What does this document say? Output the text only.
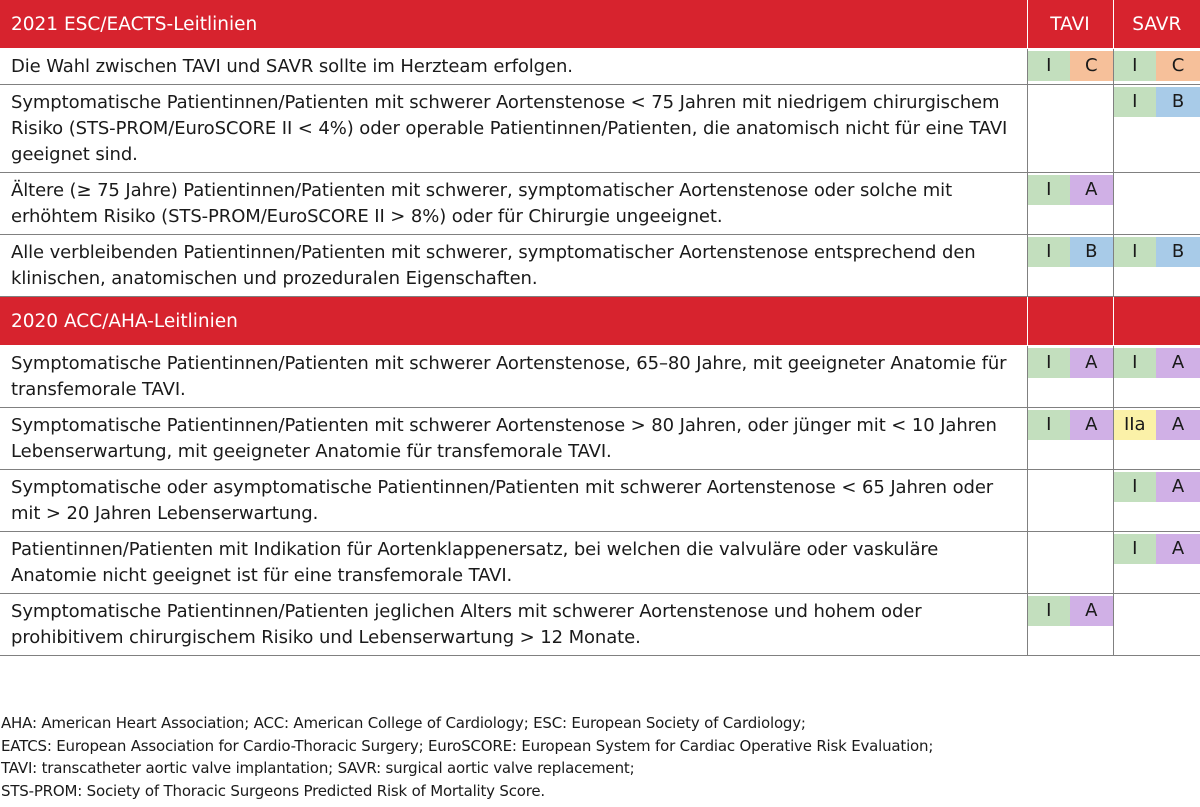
2021 ESC/EACTS-Leitlinien	TAVI		SAVR	
Die Wahl zwischen TAVI und SAVR sollte im Herzteam erfolgen.	I	C	I	C

Symptomatische Patientinnen/Patienten mit schwerer Aortenstenose < 75 Jahren mit niedrigem chirurgischem Risiko (STS-PROM/EuroSCORE II < 4%) oder operable Patientinnen/Patienten, die anatomisch nicht für eine TAVI geeignet sind.			I	B

Ältere (≥ 75 Jahre) Patientinnen/Patienten mit schwerer, symptomatischer Aortenstenose oder solche mit erhöhtem Risiko (STS-PROM/EuroSCORE II > 8%) oder für Chirurgie ungeeignet.	I	A		

Alle verbleibenden Patientinnen/Patienten mit schwerer, symptomatischer Aortenstenose entsprechend den klinischen, anatomischen und prozeduralen Eigenschaften.	I	B	I	B

2020 ACC/AHA-Leitlinien				
Symptomatische Patientinnen/Patienten mit schwerer Aortenstenose, 65–80 Jahre, mit geeigneter Anatomie für transfemorale TAVI.	I	A	I	A

Symptomatische Patientinnen/Patienten mit schwerer Aortenstenose > 80 Jahren, oder jünger mit < 10 Jahren Lebenserwartung, mit geeigneter Anatomie für transfemorale TAVI.	I	A	IIa	A

Symptomatische oder asymptomatische Patientinnen/Patienten mit schwerer Aortenstenose < 65 Jahren oder mit > 20 Jahren Lebenserwartung.			I	A

Patientinnen/Patienten mit Indikation für Aortenklappenersatz, bei welchen die valvuläre oder vaskuläre Anatomie nicht geeignet ist für eine transfemorale TAVI.			I	A

Symptomatische Patientinnen/Patienten jeglichen Alters mit schwerer Aortenstenose und hohem oder prohibitivem chirurgischem Risiko und Lebenserwartung > 12 Monate.	I	A		

AHA: American Heart Association; ACC: American College of Cardiology; ESC: European Society of Cardiology;
EATCS: European Association for Cardio-Thoracic Surgery; EuroSCORE: European System for Cardiac Operative Risk Evaluation;
TAVI: transcatheter aortic valve implantation; SAVR: surgical aortic valve replacement;
STS-PROM: Society of Thoracic Surgeons Predicted Risk of Mortality Score.
